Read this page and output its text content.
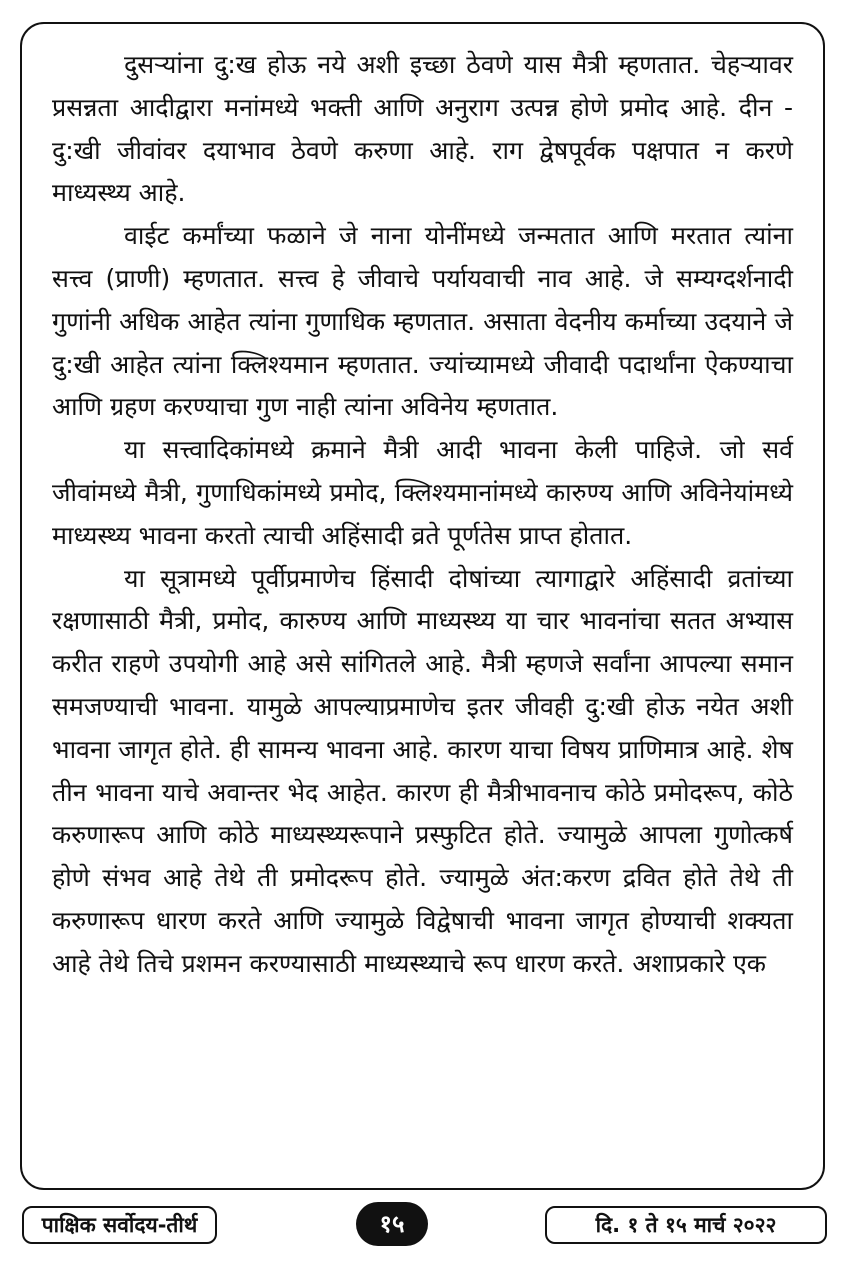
दुसऱ्यांना दु:ख होऊ नये अशी इच्छा ठेवणे यास मैत्री म्हणतात. चेहऱ्यावर प्रसन्नता आदीद्वारा मनांमध्ये भक्ती आणि अनुराग उत्पन्न होणे प्रमोद आहे. दीन - दु:खी जीवांवर दयाभाव ठेवणे करुणा आहे. राग द्वेषपूर्वक पक्षपात न करणे माध्यस्थ्य आहे.

वाईट कर्मांच्या फळाने जे नाना योनींमध्ये जन्मतात आणि मरतात त्यांना सत्त्व (प्राणी) म्हणतात. सत्त्व हे जीवाचे पर्यायवाची नाव आहे. जे सम्यग्दर्शनादी गुणांनी अधिक आहेत त्यांना गुणाधिक म्हणतात. असाता वेदनीय कर्माच्या उदयाने जे दु:खी आहेत त्यांना क्लिश्यमान म्हणतात. ज्यांच्यामध्ये जीवादी पदार्थांना ऐकण्याचा आणि ग्रहण करण्याचा गुण नाही त्यांना अविनेय म्हणतात.

या सत्त्वादिकांमध्ये क्रमाने मैत्री आदी भावना केली पाहिजे. जो सर्व जीवांमध्ये मैत्री, गुणाधिकांमध्ये प्रमोद, क्लिश्यमानांमध्ये कारुण्य आणि अविनेयांमध्ये माध्यस्थ्य भावना करतो त्याची अहिंसादी व्रते पूर्णतेस प्राप्त होतात.

या सूत्रामध्ये पूर्वीप्रमाणेच हिंसादी दोषांच्या त्यागाद्वारे अहिंसादी व्रतांच्या रक्षणासाठी मैत्री, प्रमोद, कारुण्य आणि माध्यस्थ्य या चार भावनांचा सतत अभ्यास करीत राहणे उपयोगी आहे असे सांगितले आहे. मैत्री म्हणजे सर्वांना आपल्या समान समजण्याची भावना. यामुळे आपल्याप्रमाणेच इतर जीवही दु:खी होऊ नयेत अशी भावना जागृत होते. ही सामन्य भावना आहे. कारण याचा विषय प्राणिमात्र आहे. शेष तीन भावना याचे अवान्तर भेद आहेत. कारण ही मैत्रीभावनाच कोठे प्रमोदरूप, कोठे करुणारूप आणि कोठे माध्यस्थ्यरूपाने प्रस्फुटित होते. ज्यामुळे आपला गुणोत्कर्ष होणे संभव आहे तेथे ती प्रमोदरूप होते. ज्यामुळे अंत:करण द्रवित होते तेथे ती करुणारूप धारण करते आणि ज्यामुळे विद्वेषाची भावना जागृत होण्याची शक्यता आहे तेथे तिचे प्रशमन करण्यासाठी माध्यस्थ्याचे रूप धारण करते. अशाप्रकारे एक

पाक्षिक सर्वोदय-तीर्थ	१५	दि. १ ते १५ मार्च २०२२
